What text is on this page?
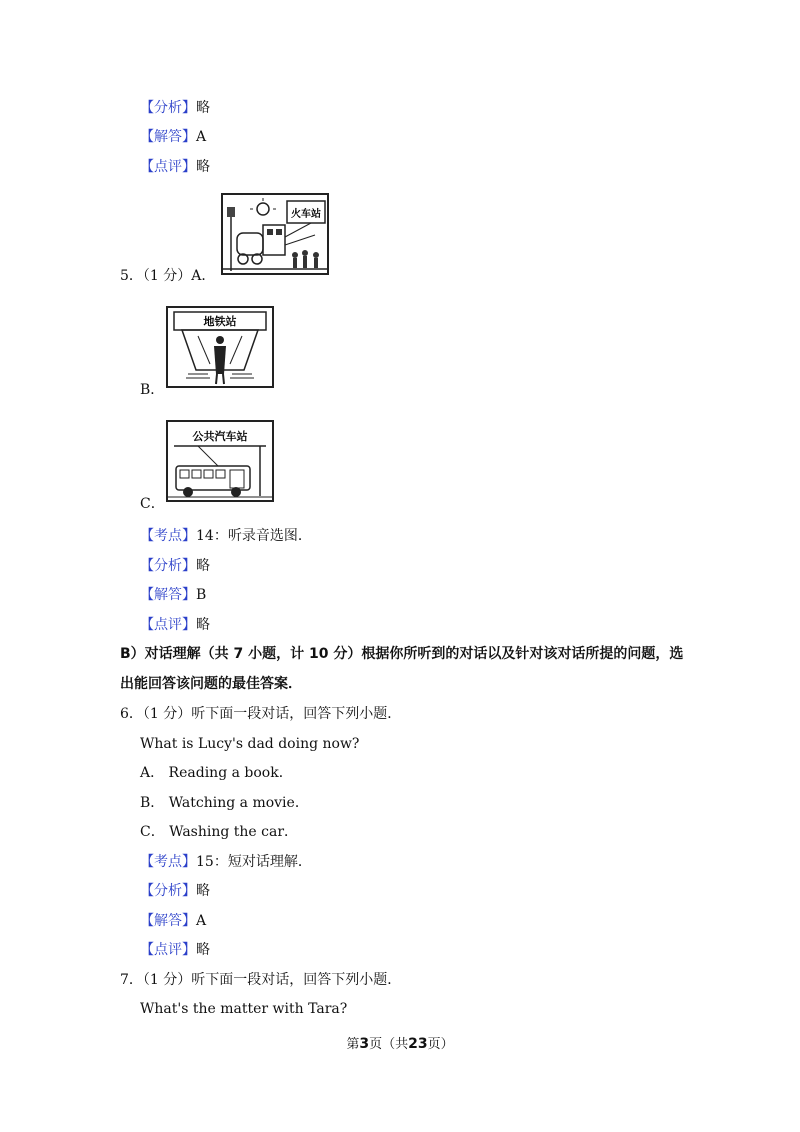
【分析】略
【解答】A
【点评】略
5．（1 分）A．
火车站
B．
地铁站
C．
公共汽车站
【考点】14：听录音选图．
【分析】略
【解答】B
【点评】略
B）对话理解（共 7 小题，计 10 分）根据你所听到的对话以及针对该对话所提的问题，选
出能回答该问题的最佳答案．
6．（1 分）听下面一段对话，回答下列小题．
What is Lucy's dad doing now?
A． Reading a book．
B． Watching a movie．
C． Washing the car．
【考点】15：短对话理解．
【分析】略
【解答】A
【点评】略
7．（1 分）听下面一段对话，回答下列小题．
What's the matter with Tara?
第3页（共23页）
